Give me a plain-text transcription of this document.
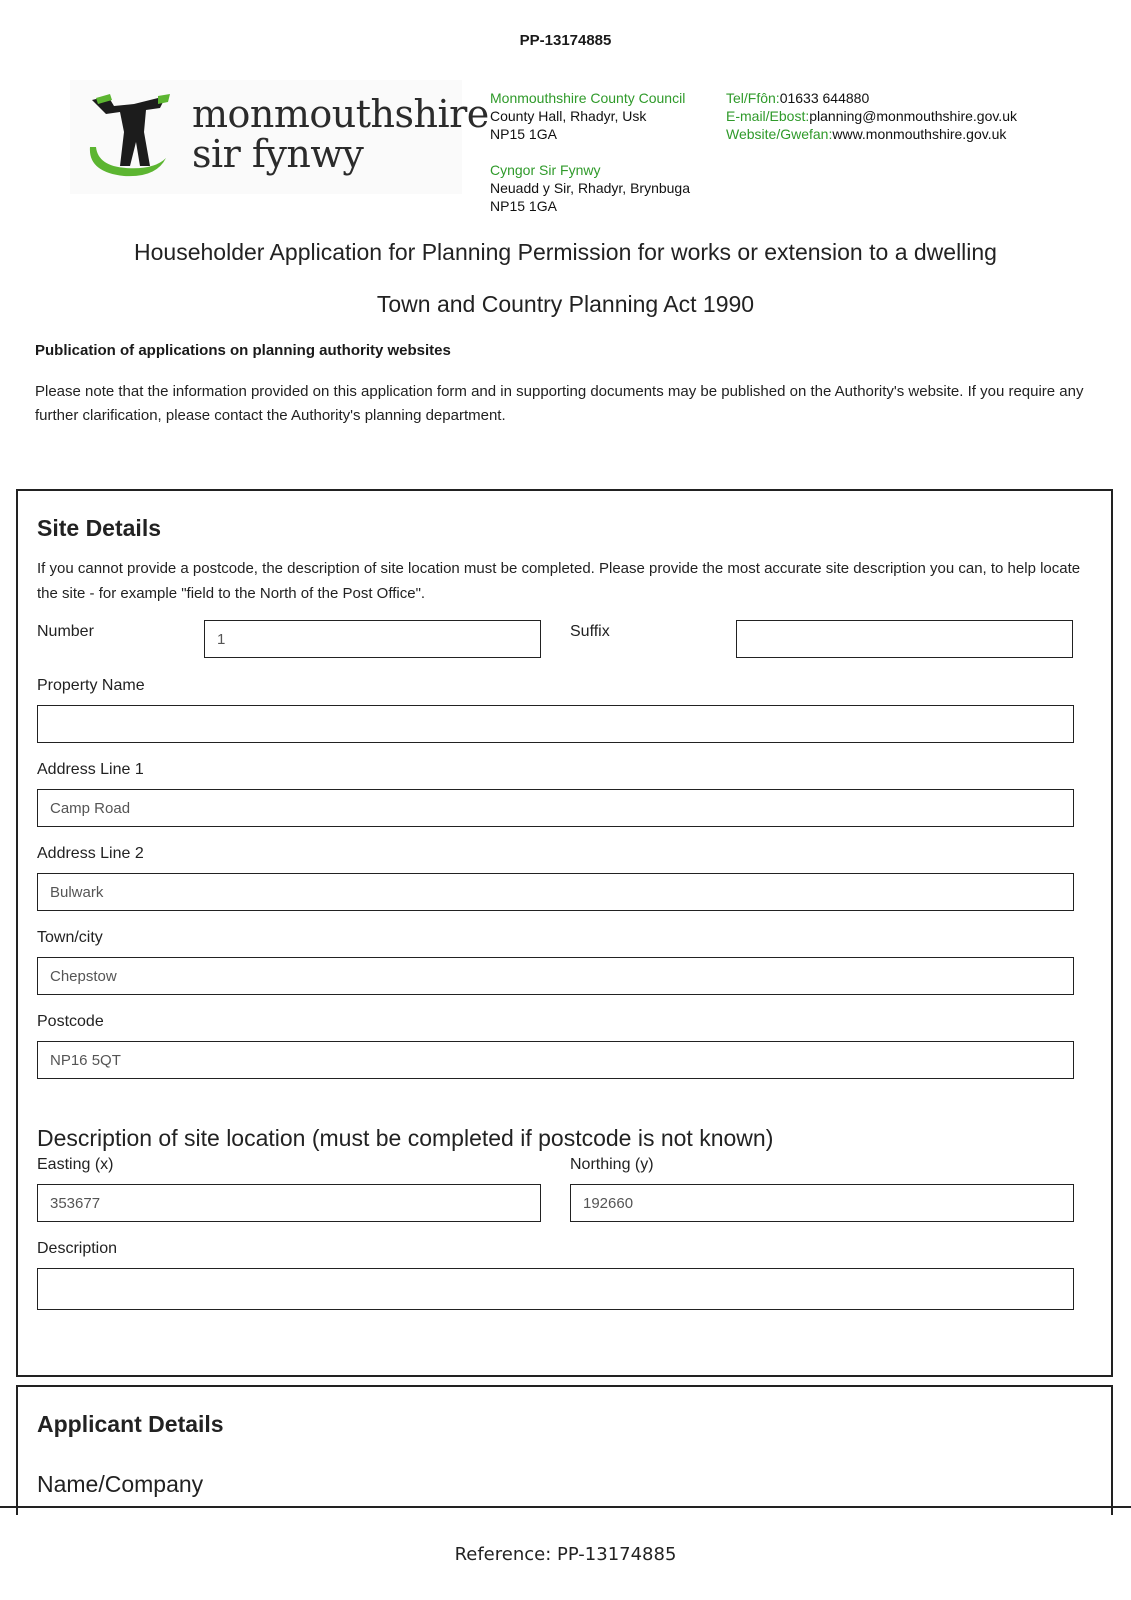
PP-13174885
monmouthshire
sir fynwy
Monmouthshire County Council
County Hall, Rhadyr, Usk
NP15 1GA
Cyngor Sir Fynwy
Neuadd y Sir, Rhadyr, Brynbuga
NP15 1GA
Tel/Ffôn:01633 644880
E-mail/Ebost:planning@monmouthshire.gov.uk
Website/Gwefan:www.monmouthshire.gov.uk
Householder Application for Planning Permission for works or extension to a dwelling
Town and Country Planning Act 1990
Publication of applications on planning authority websites
Please note that the information provided on this application form and in supporting documents may be published on the Authority's website. If you require any further clarification, please contact the Authority's planning department.
Site Details
If you cannot provide a postcode, the description of site location must be completed. Please provide the most accurate site description you can, to help locate the site - for example "field to the North of the Post Office".
Number
1	Suffix
Property Name
Address Line 1
Camp Road
Address Line 2
Bulwark
Town/city
Chepstow
Postcode
NP16 5QT
Description of site location (must be completed if postcode is not known)
Easting (x)
353677	Northing (y)
192660
Description
Applicant Details
Name/Company
Reference: PP-13174885
